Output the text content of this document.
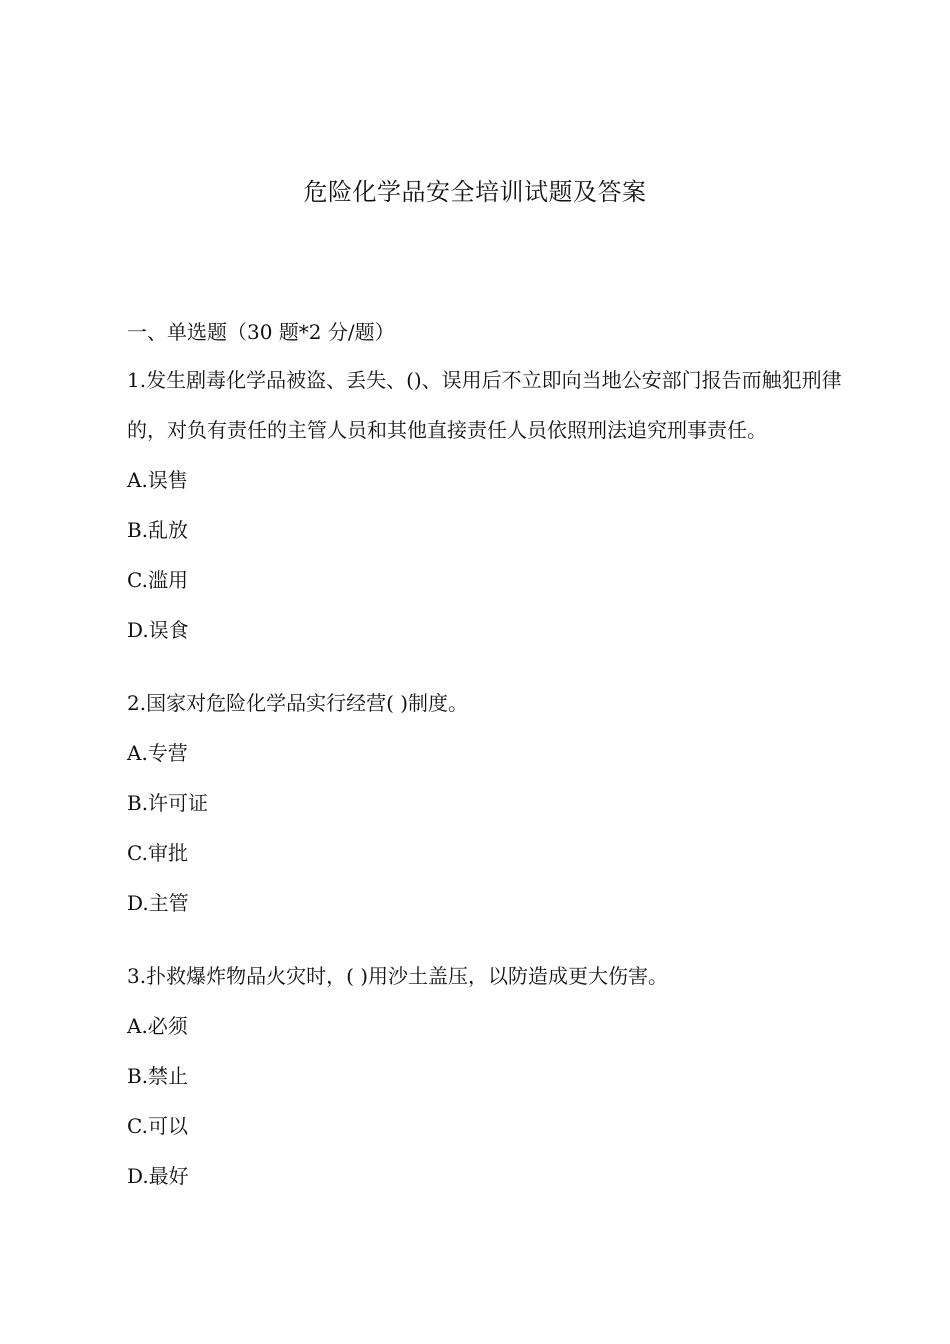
危险化学品安全培训试题及答案
一、单选题（30 题*2 分/题）

1.发生剧毒化学品被盗、丢失、()、误用后不立即向当地公安部门报告而触犯刑律的，对负有责任的主管人员和其他直接责任人员依照刑法追究刑事责任。

A.误售
B.乱放
C.滥用
D.误食

2.国家对危险化学品实行经营( )制度。

A.专营
B.许可证
C.审批
D.主管

3.扑救爆炸物品火灾时，( )用沙土盖压，以防造成更大伤害。

A.必须
B.禁止
C.可以
D.最好
